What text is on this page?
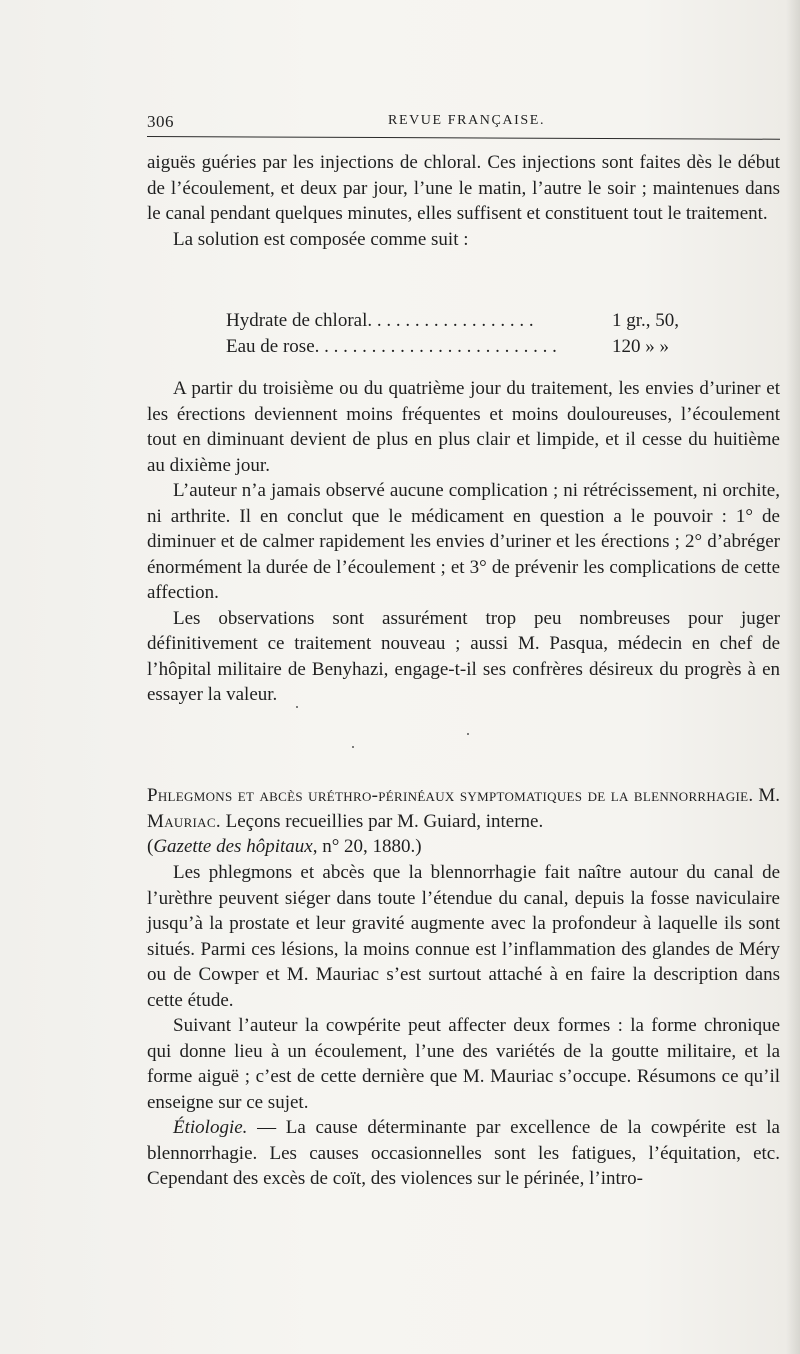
306	REVUE FRANÇAISE.

aiguës guéries par les injections de chloral. Ces injections sont faites dès le début de l’écoulement, et deux par jour, l’une le matin, l’autre le soir ; maintenues dans le canal pendant quelques minutes, elles suffisent et constituent tout le traitement.

La solution est composée comme suit :

Hydrate de chloral. . . . . . . . . . . . . . . . . .	1 gr., 50,
Eau de rose. . . . . . . . . . . . . . . . . . . . . . . . . .	120 » »

A partir du troisième ou du quatrième jour du traitement, les envies d’uriner et les érections deviennent moins fréquentes et moins douloureuses, l’écoulement tout en diminuant devient de plus en plus clair et limpide, et il cesse du huitième au dixième jour.

L’auteur n’a jamais observé aucune complication ; ni rétrécissement, ni orchite, ni arthrite. Il en conclut que le médicament en question a le pouvoir : 1° de diminuer et de calmer rapidement les envies d’uriner et les érections ; 2° d’abréger énormément la durée de l’écoulement ; et 3° de prévenir les complications de cette affection.

Les observations sont assurément trop peu nombreuses pour juger définitivement ce traitement nouveau ; aussi M. Pasqua, médecin en chef de l’hôpital militaire de Benyhazi, engage-t-il ses confrères désireux du progrès à en essayer la valeur.

Phlegmons et abcès uréthro-périnéaux symptomatiques de la blennorrhagie. M. Mauriac. Leçons recueillies par M. Guiard, interne.
(Gazette des hôpitaux, n° 20, 1880.)

Les phlegmons et abcès que la blennorrhagie fait naître autour du canal de l’urèthre peuvent siéger dans toute l’étendue du canal, depuis la fosse naviculaire jusqu’à la prostate et leur gravité augmente avec la profondeur à laquelle ils sont situés. Parmi ces lésions, la moins connue est l’inflammation des glandes de Méry ou de Cowper et M. Mauriac s’est surtout attaché à en faire la description dans cette étude.

Suivant l’auteur la cowpérite peut affecter deux formes : la forme chronique qui donne lieu à un écoulement, l’une des variétés de la goutte militaire, et la forme aiguë ; c’est de cette dernière que M. Mauriac s’occupe. Résumons ce qu’il enseigne sur ce sujet.

Étiologie. — La cause déterminante par excellence de la cowpérite est la blennorrhagie. Les causes occasionnelles sont les fatigues, l’équitation, etc. Cependant des excès de coït, des violences sur le périnée, l’intro-
